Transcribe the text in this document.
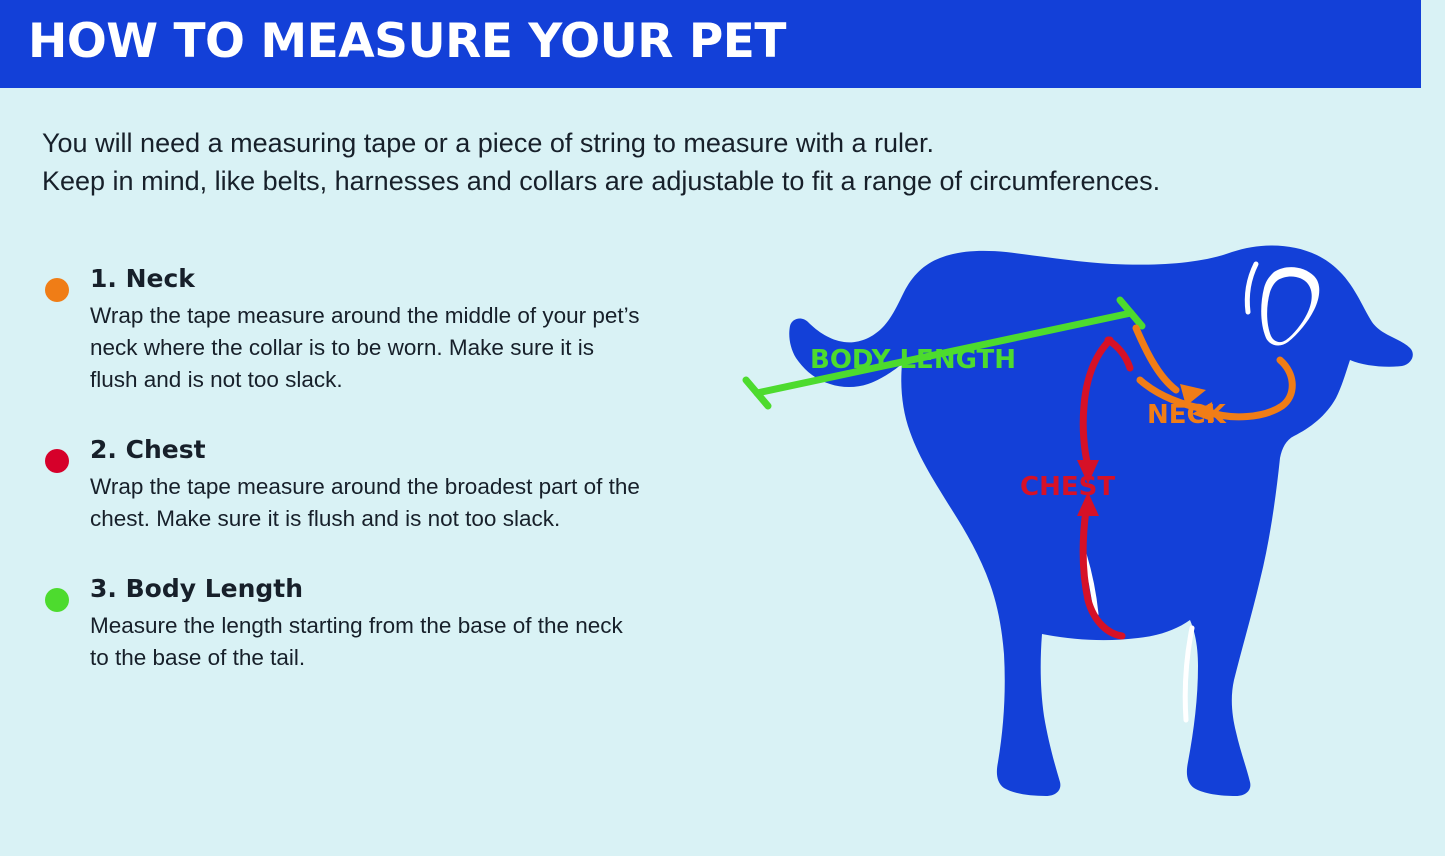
HOW TO MEASURE YOUR PET
You will need a measuring tape or a piece of string to measure with a ruler.
Keep in mind, like belts, harnesses and collars are adjustable to fit a range of circumferences.
1. Neck
Wrap the tape measure around the middle of your pet’s neck where the collar is to be worn. Make sure it is flush and is not too slack.
2. Chest
Wrap the tape measure around the broadest part of the chest. Make sure it is flush and is not too slack.
3. Body Length
Measure the length starting from the base of the neck to the base of the tail.
BODY LENGTH
NECK
CHEST
